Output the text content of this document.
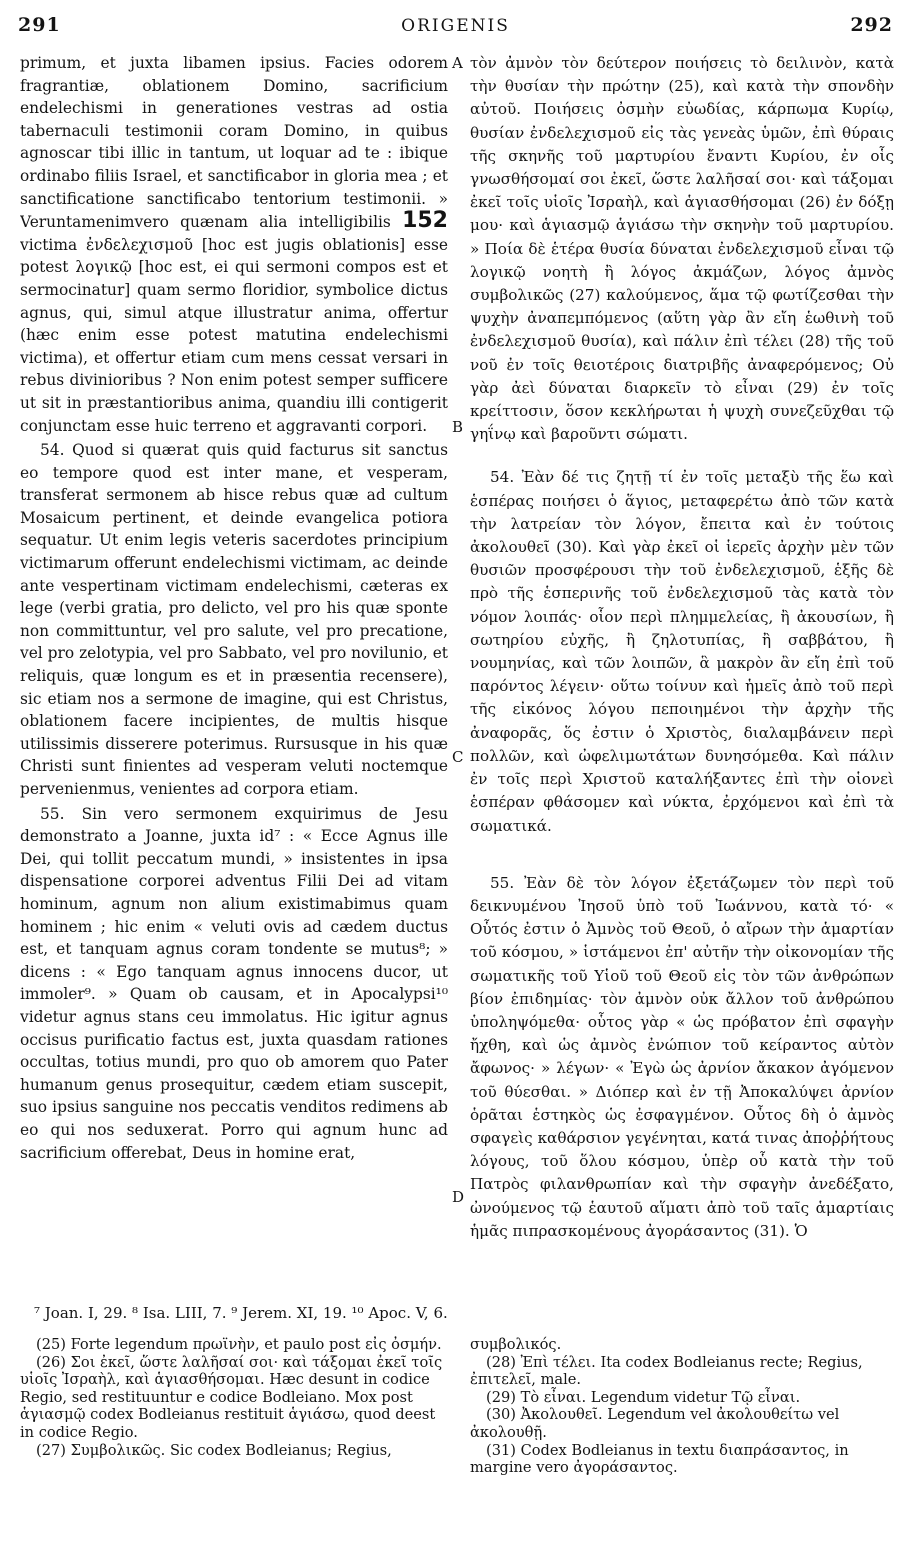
291	ORIGENIS	292

primum, et juxta libamen ipsius. Facies odorem fragrantiæ, oblationem Domino, sacrificium endelechismi in generationes vestras ad ostia tabernaculi testimonii coram Domino, in quibus agnoscar tibi illic in tantum, ut loquar ad te : ibique ordinabo filiis Israel, et sanctificabor in gloria mea ; et sanctificatione sanctificabo tentorium testimonii. » Veruntamenimvero quænam alia intelligibilis 152 victima ἐνδελεχισμοῦ [hoc est jugis oblationis] esse potest λογικῷ [hoc est, ei qui sermoni compos est et sermocinatur] quam sermo floridior, symbolice dictus agnus, qui, simul atque illustratur anima, offertur (hæc enim esse potest matutina endelechismi victima), et offertur etiam cum mens cessat versari in rebus divinioribus ? Non enim potest semper sufficere ut sit in præstantioribus anima, quandiu illi contigerit conjunctam esse huic terreno et aggravanti corpori.

54. Quod si quærat quis quid facturus sit sanctus eo tempore quod est inter mane, et vesperam, transferat sermonem ab hisce rebus quæ ad cultum Mosaicum pertinent, et deinde evangelica potiora sequatur. Ut enim legis veteris sacerdotes principium victimarum offerunt endelechismi victimam, ac deinde ante vespertinam victimam endelechismi, cæteras ex lege (verbi gratia, pro delicto, vel pro his quæ sponte non committuntur, vel pro salute, vel pro precatione, vel pro zelotypia, vel pro Sabbato, vel pro novilunio, et reliquis, quæ longum es et in præsentia recensere), sic etiam nos a sermone de imagine, qui est Christus, oblationem facere incipientes, de multis hisque utilissimis disserere poterimus. Rursusque in his quæ Christi sunt finientes ad vesperam veluti noctemque pervenienmus, venientes ad corpora etiam.

55. Sin vero sermonem exquirimus de Jesu demonstrato a Joanne, juxta id⁷ : « Ecce Agnus ille Dei, qui tollit peccatum mundi, » insistentes in ipsa dispensatione corporei adventus Filii Dei ad vitam hominum, agnum non alium existimabimus quam hominem ; hic enim « veluti ovis ad cædem ductus est, et tanquam agnus coram tondente se mutus⁸; » dicens : « Ego tanquam agnus innocens ducor, ut immoler⁹. » Quam ob causam, et in Apocalypsi¹⁰ videtur agnus stans ceu immolatus. Hic igitur agnus occisus purificatio factus est, juxta quasdam rationes occultas, totius mundi, pro quo ob amorem quo Pater humanum genus prosequitur, cædem etiam suscepit, suo ipsius sanguine nos peccatis venditos redimens ab eo qui nos seduxerat. Porro qui agnum hunc ad sacrificium offerebat, Deus in homine erat,

A
B
C
D

τὸν ἀμνὸν τὸν δεύτερον ποιήσεις τὸ δειλινὸν, κατὰ τὴν θυσίαν τὴν πρώτην (25), καὶ κατὰ τὴν σπονδὴν αὐτοῦ. Ποιήσεις ὀσμὴν εὐωδίας, κάρπωμα Κυρίῳ, θυσίαν ἐνδελεχισμοῦ εἰς τὰς γενεὰς ὑμῶν, ἐπὶ θύραις τῆς σκηνῆς τοῦ μαρτυρίου ἔναντι Κυρίου, ἐν οἷς γνωσθήσομαί σοι ἐκεῖ, ὥστε λαλῆσαί σοι· καὶ τάξομαι ἐκεῖ τοῖς υἱοῖς Ἰσραὴλ, καὶ ἁγιασθήσομαι (26) ἐν δόξῃ μου· καὶ ἁγιασμῷ ἁγιάσω τὴν σκηνὴν τοῦ μαρτυρίου. » Ποία δὲ ἑτέρα θυσία δύναται ἐνδελεχισμοῦ εἶναι τῷ λογικῷ νοητὴ ἢ λόγος ἀκμάζων, λόγος ἀμνὸς συμβολικῶς (27) καλούμενος, ἅμα τῷ φωτίζεσθαι τὴν ψυχὴν ἀναπεμπόμενος (αὕτη γὰρ ἂν εἴη ἑωθινὴ τοῦ ἐνδελεχισμοῦ θυσία), καὶ πάλιν ἐπὶ τέλει (28) τῆς τοῦ νοῦ ἐν τοῖς θειοτέροις διατριβῆς ἀναφερόμενος; Οὐ γὰρ ἀεὶ δύναται διαρκεῖν τὸ εἶναι (29) ἐν τοῖς κρείττοσιν, ὅσον κεκλήρωται ἡ ψυχὴ συνεζεῦχθαι τῷ γηΐνῳ καὶ βαροῦντι σώματι.

54. Ἐὰν δέ τις ζητῇ τί ἐν τοῖς μεταξὺ τῆς ἕω καὶ ἑσπέρας ποιήσει ὁ ἅγιος, μεταφερέτω ἀπὸ τῶν κατὰ τὴν λατρείαν τὸν λόγον, ἔπειτα καὶ ἐν τούτοις ἀκολουθεῖ (30). Καὶ γὰρ ἐκεῖ οἱ ἱερεῖς ἀρχὴν μὲν τῶν θυσιῶν προσφέρουσι τὴν τοῦ ἐνδελεχισμοῦ, ἑξῆς δὲ πρὸ τῆς ἑσπερινῆς τοῦ ἐνδελεχισμοῦ τὰς κατὰ τὸν νόμον λοιπάς· οἷον περὶ πλημμελείας, ἢ ἀκουσίων, ἢ σωτηρίου εὐχῆς, ἢ ζηλοτυπίας, ἢ σαββάτου, ἢ νουμηνίας, καὶ τῶν λοιπῶν, ἃ μακρὸν ἂν εἴη ἐπὶ τοῦ παρόντος λέγειν· οὕτω τοίνυν καὶ ἡμεῖς ἀπὸ τοῦ περὶ τῆς εἰκόνος λόγου πεποιημένοι τὴν ἀρχὴν τῆς ἀναφορᾶς, ὅς ἐστιν ὁ Χριστὸς, διαλαμβάνειν περὶ πολλῶν, καὶ ὠφελιμωτάτων δυνησόμεθα. Καὶ πάλιν ἐν τοῖς περὶ Χριστοῦ καταλήξαντες ἐπὶ τὴν οἱονεὶ ἑσπέραν φθάσομεν καὶ νύκτα, ἐρχόμενοι καὶ ἐπὶ τὰ σωματικά.

55. Ἐὰν δὲ τὸν λόγον ἐξετάζωμεν τὸν περὶ τοῦ δεικνυμένου Ἰησοῦ ὑπὸ τοῦ Ἰωάννου, κατὰ τό· « Οὗτός ἐστιν ὁ Ἀμνὸς τοῦ Θεοῦ, ὁ αἴρων τὴν ἁμαρτίαν τοῦ κόσμου, » ἱστάμενοι ἐπ' αὐτῆν τὴν οἰκονομίαν τῆς σωματικῆς τοῦ Υἱοῦ τοῦ Θεοῦ εἰς τὸν τῶν ἀνθρώπων βίον ἐπιδημίας· τὸν ἀμνὸν οὐκ ἄλλον τοῦ ἀνθρώπου ὑποληψόμεθα· οὗτος γὰρ « ὡς πρόβατον ἐπὶ σφαγὴν ἤχθη, καὶ ὡς ἀμνὸς ἐνώπιον τοῦ κείραντος αὐτὸν ἄφωνος· » λέγων· « Ἐγὼ ὡς ἀρνίον ἄκακον ἀγόμενον τοῦ θύεσθαι. » Διόπερ καὶ ἐν τῇ Ἀποκαλύψει ἀρνίον ὁρᾶται ἑστηκὸς ὡς ἐσφαγμένον. Οὗτος δὴ ὁ ἀμνὸς σφαγεὶς καθάρσιον γεγένηται, κατά τινας ἀποῤῥήτους λόγους, τοῦ ὅλου κόσμου, ὑπὲρ οὗ κατὰ τὴν τοῦ Πατρὸς φιλανθρωπίαν καὶ τὴν σφαγὴν ἀνεδέξατο, ὠνούμενος τῷ ἑαυτοῦ αἵματι ἀπὸ τοῦ ταῖς ἁμαρτίαις ἡμᾶς πιπρασκομένους ἀγοράσαντος (31). Ὁ

⁷ Joan. I, 29. ⁸ Isa. LIII, 7. ⁹ Jerem. XI, 19. ¹⁰ Apoc. V, 6.

(25) Forte legendum πρωϊνὴν, et paulo post εἰς ὀσμήν.

(26) Σοι ἐκεῖ, ὥστε λαλῆσαί σοι· καὶ τάξομαι ἐκεῖ τοῖς υἱοῖς Ἰσραὴλ, καὶ ἁγιασθήσομαι. Hæc desunt in codice Regio, sed restituuntur e codice Bodleiano. Mox post ἁγιασμῷ codex Bodleianus restituit ἁγιάσω, quod deest in codice Regio.

(27) Συμβολικῶς. Sic codex Bodleianus; Regius,

συμβολικός.

(28) Ἐπὶ τέλει. Ita codex Bodleianus recte; Regius, ἐπιτελεῖ, male.

(29) Τὸ εἶναι. Legendum videtur Τῷ εἶναι.

(30) Ἀκολουθεῖ. Legendum vel ἀκολουθείτω vel ἀκολουθῇ.

(31) Codex Bodleianus in textu διαπράσαντος, in margine vero ἀγοράσαντος.
